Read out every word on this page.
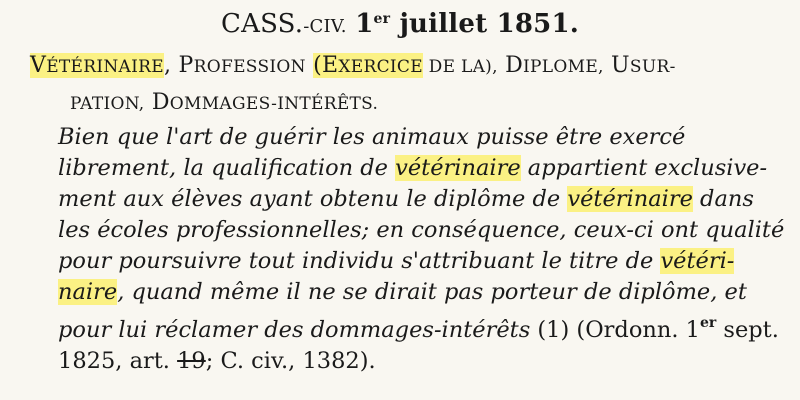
CASS.-CIV. 1er juillet 1851.
VÉTÉRINAIRE, PROFESSION (EXERCICE DE LA), DIPLOME, USUR-
PATION, DOMMAGES-INTÉRÊTS.
Bien que l'art de guérir les animaux puisse être exercé
librement, la qualification de vétérinaire appartient exclusive-
ment aux élèves ayant obtenu le diplôme de vétérinaire dans
les écoles professionnelles; en conséquence, ceux-ci ont qualité
pour poursuivre tout individu s'attribuant le titre de vétéri-
naire, quand même il ne se dirait pas porteur de diplôme, et
pour lui réclamer des dommages-intérêts (1) (Ordonn. 1er sept.
1825, art. 19; C. civ., 1382).
